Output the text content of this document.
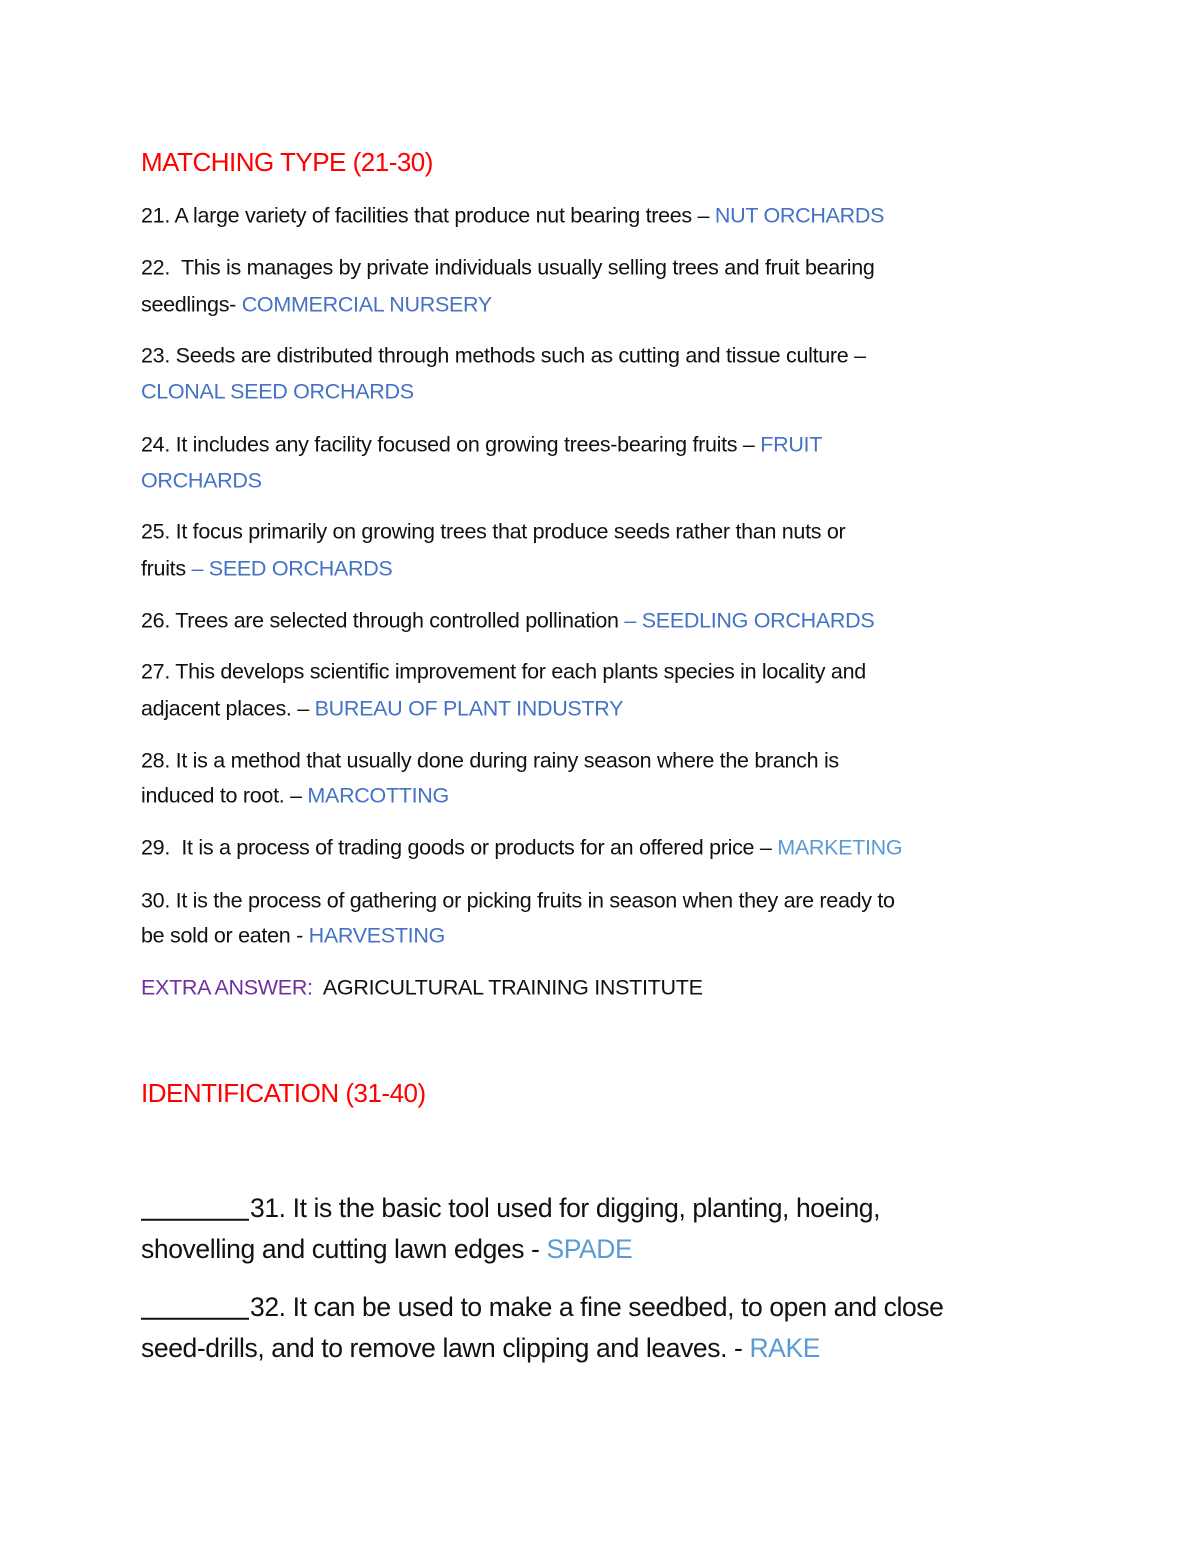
MATCHING TYPE (21-30)
EXTRA ANSWER:  AGRICULTURAL TRAINING INSTITUTE
IDENTIFICATION (31-40)
21. A large variety of facilities that produce nut bearing trees – NUT ORCHARDS
22.  This is manages by private individuals usually selling trees and fruit bearing
seedlings- COMMERCIAL NURSERY
23. Seeds are distributed through methods such as cutting and tissue culture –
CLONAL SEED ORCHARDS
24. It includes any facility focused on growing trees-bearing fruits – FRUIT
ORCHARDS
25. It focus primarily on growing trees that produce seeds rather than nuts or
fruits – SEED ORCHARDS
26. Trees are selected through controlled pollination – SEEDLING ORCHARDS
27. This develops scientific improvement for each plants species in locality and
adjacent places. – BUREAU OF PLANT INDUSTRY
28. It is a method that usually done during rainy season where the branch is
induced to root. – MARCOTTING
29.  It is a process of trading goods or products for an offered price – MARKETING
30. It is the process of gathering or picking fruits in season when they are ready to
be sold or eaten - HARVESTING
31. It is the basic tool used for digging, planting, hoeing,
shovelling and cutting lawn edges - SPADE
32. It can be used to make a fine seedbed, to open and close
seed-drills, and to remove lawn clipping and leaves. - RAKE
